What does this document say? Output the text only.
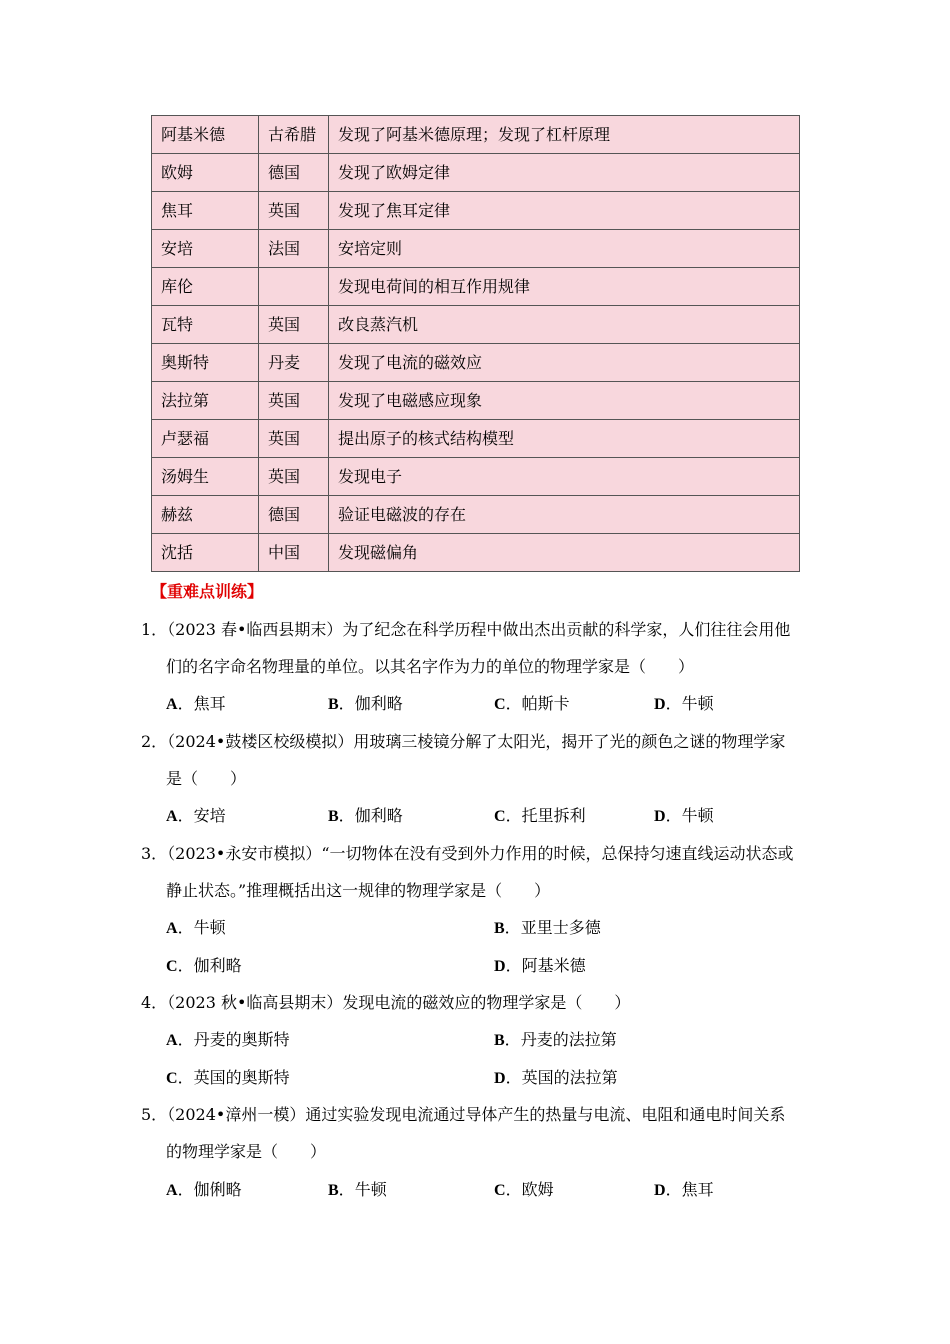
阿基米德	古希腊	发现了阿基米德原理；发现了杠杆原理
欧姆	德国	发现了欧姆定律
焦耳	英国	发现了焦耳定律
安培	法国	安培定则
库伦		发现电荷间的相互作用规律
瓦特	英国	改良蒸汽机
奥斯特	丹麦	发现了电流的磁效应
法拉第	英国	发现了电磁感应现象
卢瑟福	英国	提出原子的核式结构模型
汤姆生	英国	发现电子
赫兹	德国	验证电磁波的存在
沈括	中国	发现磁偏角
【重难点训练】
1．（2023 春•临西县期末）为了纪念在科学历程中做出杰出贡献的科学家，人们往往会用他
们的名字命名物理量的单位。以其名字作为力的单位的物理学家是（　　）
A．焦耳	B．伽利略	C．帕斯卡	D．牛顿
2．（2024•鼓楼区校级模拟）用玻璃三棱镜分解了太阳光，揭开了光的颜色之谜的物理学家
是（　　）
A．安培	B．伽利略	C．托里拆利	D．牛顿
3．（2023•永安市模拟）“一切物体在没有受到外力作用的时候，总保持匀速直线运动状态或
静止状态。”推理概括出这一规律的物理学家是（　　）
A．牛顿	B．亚里士多德
C．伽利略	D．阿基米德
4．（2023 秋•临高县期末）发现电流的磁效应的物理学家是（　　）
A．丹麦的奥斯特	B．丹麦的法拉第
C．英国的奥斯特	D．英国的法拉第
5．（2024•漳州一模）通过实验发现电流通过导体产生的热量与电流、电阻和通电时间关系
的物理学家是（　　）
A．伽俐略	B．牛顿	C．欧姆	D．焦耳
